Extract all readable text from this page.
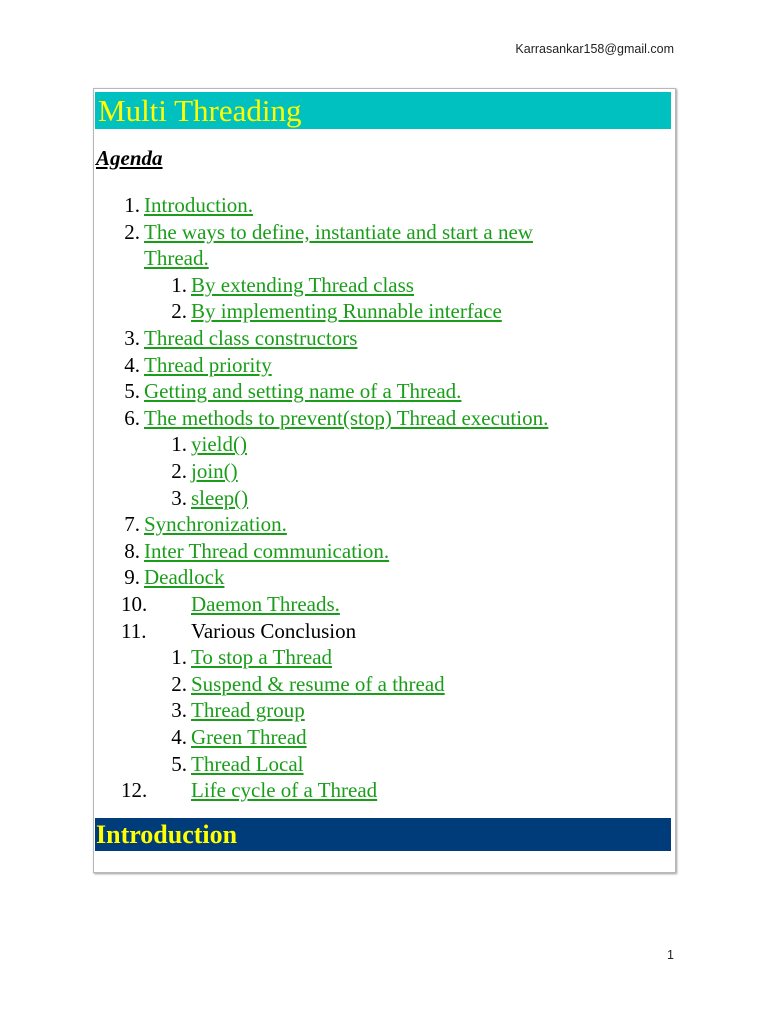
Karrasankar158@gmail.com
Multi Threading
Agenda
1. Introduction.
2. The ways to define, instantiate and start a new
Thread.
1. By extending Thread class
2. By implementing Runnable interface
3. Thread class constructors
4. Thread priority
5. Getting and setting name of a Thread.
6. The methods to prevent(stop) Thread execution.
1. yield()
2. join()
3. sleep()
7. Synchronization.
8. Inter Thread communication.
9. Deadlock
10.	Daemon Threads.
11.	Various Conclusion
1. To stop a Thread
2. Suspend & resume of a thread
3. Thread group
4. Green Thread
5. Thread Local
12.	Life cycle of a Thread
Introduction
1
